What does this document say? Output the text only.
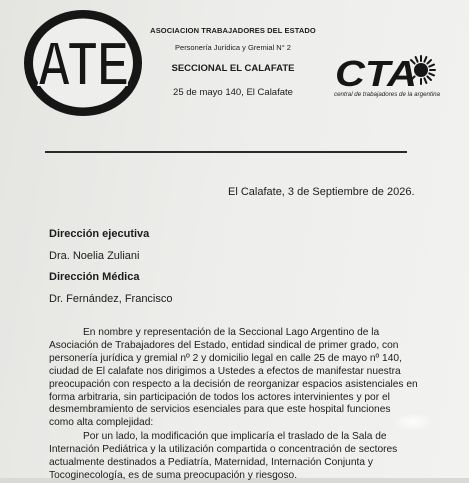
ATE	ASOCIACION TRABAJADORES DEL ESTADO
Personería Jurídica y Gremial N° 2
SECCIONAL EL CALAFATE
25 de mayo 140, El Calafate	CTA
central de trabajadores de la argentina
El Calafate, 3 de Septiembre de 2026.
Dirección ejecutiva
Dra. Noelia Zuliani
Dirección Médica
Dr. Fernández, Francisco

En nombre y representación de la Seccional Lago Argentino de la
Asociación de Trabajadores del Estado, entidad sindical de primer grado, con
personería jurídica y gremial nº 2 y domicilio legal en calle 25 de mayo nº 140,
ciudad de El calafate nos dirigimos a Ustedes a efectos de manifestar nuestra
preocupación con respecto a la decisión de reorganizar espacios asistenciales en
forma arbitraria, sin participación de todos los actores intervinientes y por el
desmembramiento de servicios esenciales para que este hospital funciones
como alta complejidad:

Por un lado, la modificación que implicaría el traslado de la Sala de
Internación Pediátrica y la utilización compartida o concentración de sectores
actualmente destinados a Pediatría, Maternidad, Internación Conjunta y
Tocoginecología, es de suma preocupación y riesgoso.
